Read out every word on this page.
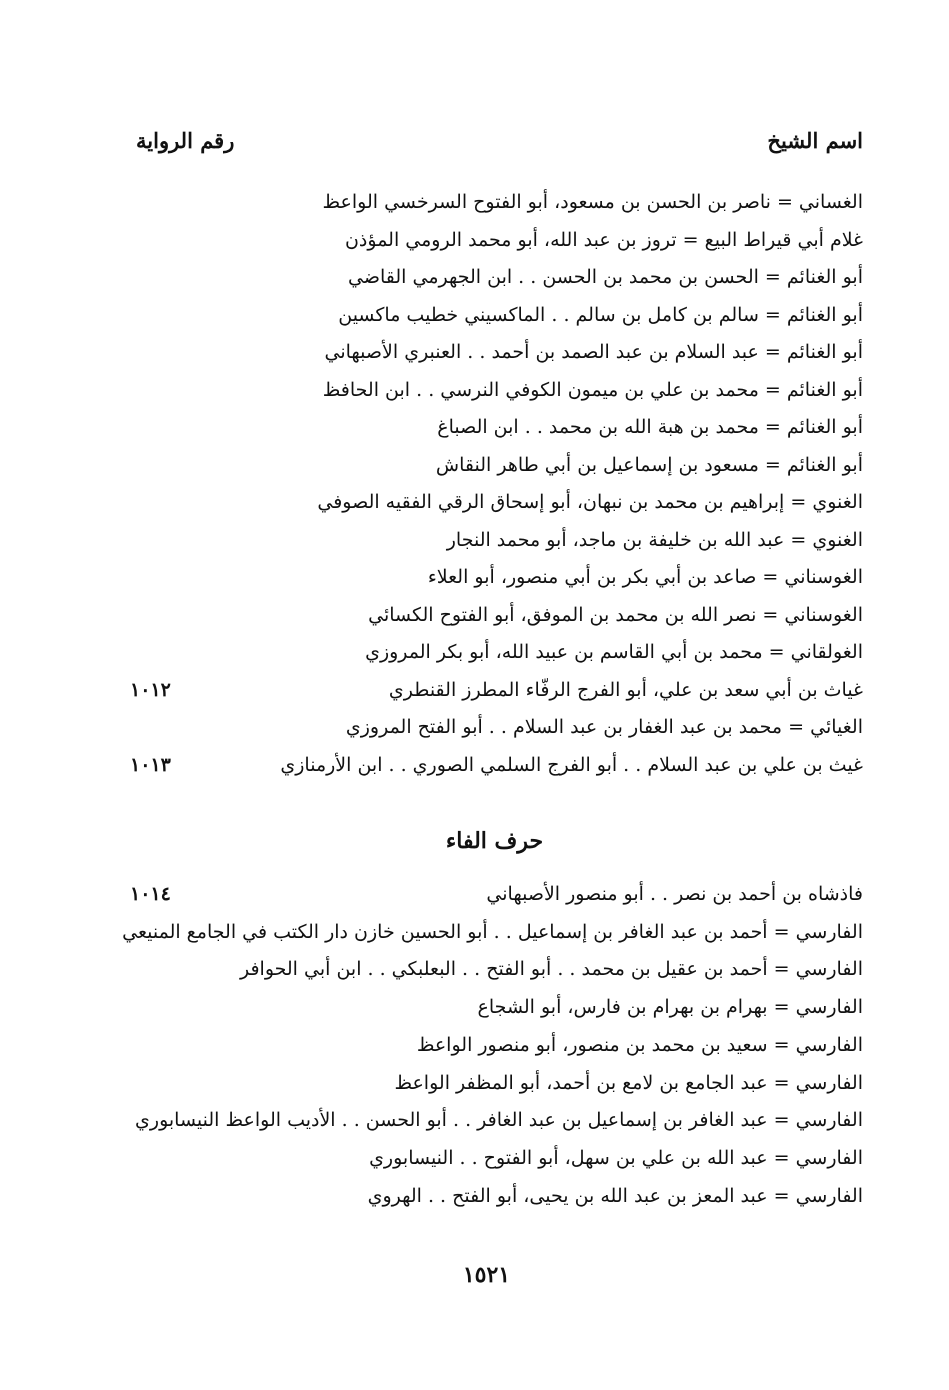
اسم الشيخ
رقم الرواية
الغساني = ناصر بن الحسن بن مسعود، أبو الفتوح السرخسي الواعظ
غلام أبي قيراط البيع = تروز بن عبد الله، أبو محمد الرومي المؤذن
أبو الغنائم = الحسن بن محمد بن الحسن . . ابن الجهرمي القاضي
أبو الغنائم = سالم بن كامل بن سالم . . الماكسيني خطيب ماكسين
أبو الغنائم = عبد السلام بن عبد الصمد بن أحمد . . العنبري الأصبهاني
أبو الغنائم = محمد بن علي بن ميمون الكوفي النرسي . . ابن الحافظ
أبو الغنائم = محمد بن هبة الله بن محمد . . ابن الصباغ
أبو الغنائم = مسعود بن إسماعيل بن أبي طاهر النقاش
الغنوي = إبراهيم بن محمد بن نبهان، أبو إسحاق الرقي الفقيه الصوفي
الغنوي = عبد الله بن خليفة بن ماجد، أبو محمد النجار
الغوسناني = صاعد بن أبي بكر بن أبي منصور، أبو العلاء
الغوسناني = نصر الله بن محمد بن الموفق، أبو الفتوح الكسائي
الغولقاني = محمد بن أبي القاسم بن عبيد الله، أبو بكر المروزي
غياث بن أبي سعد بن علي، أبو الفرج الرفّاء المطرز القنطري
١٠١٢
الغيائي = محمد بن عبد الغفار بن عبد السلام . . أبو الفتح المروزي
غيث بن علي بن عبد السلام . . أبو الفرج السلمي الصوري . . ابن الأرمنازي
١٠١٣
حرف الفاء
فاذشاه بن أحمد بن نصر . . أبو منصور الأصبهاني
١٠١٤
الفارسي = أحمد بن عبد الغافر بن إسماعيل . . أبو الحسين خازن دار الكتب في الجامع المنيعي
الفارسي = أحمد بن عقيل بن محمد . . أبو الفتح . . البعلبكي . . ابن أبي الحوافر
الفارسي = بهرام بن بهرام بن فارس، أبو الشجاع
الفارسي = سعيد بن محمد بن منصور، أبو منصور الواعظ
الفارسي = عبد الجامع بن لامع بن أحمد، أبو المظفر الواعظ
الفارسي = عبد الغافر بن إسماعيل بن عبد الغافر . . أبو الحسن . . الأديب الواعظ النيسابوري
الفارسي = عبد الله بن علي بن سهل، أبو الفتوح . . النيسابوري
الفارسي = عبد المعز بن عبد الله بن يحيى، أبو الفتح . . الهروي
١٥٢١
